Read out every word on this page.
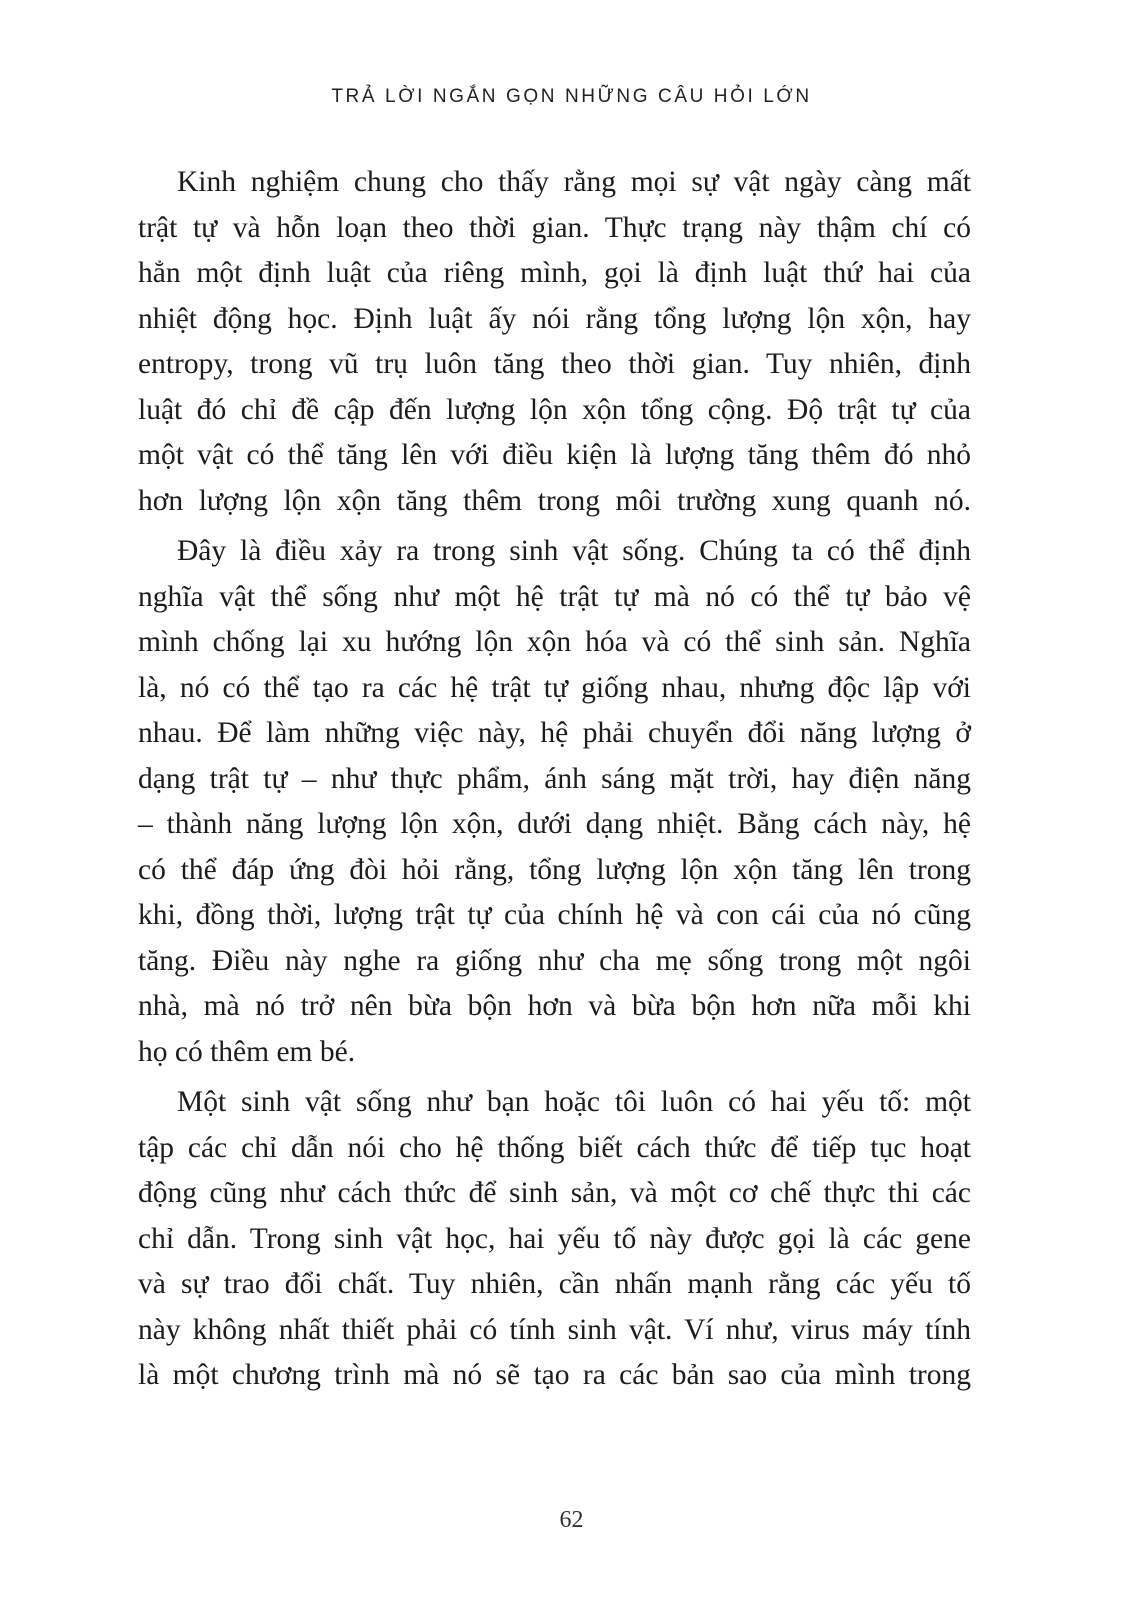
TRẢ LỜI NGẮN GỌN NHỮNG CÂU HỎI LỚN
Kinh nghiệm chung cho thấy rằng mọi sự vật ngày càng mất
trật tự và hỗn loạn theo thời gian. Thực trạng này thậm chí có
hẳn một định luật của riêng mình, gọi là định luật thứ hai của
nhiệt động học. Định luật ấy nói rằng tổng lượng lộn xộn, hay
entropy, trong vũ trụ luôn tăng theo thời gian. Tuy nhiên, định
luật đó chỉ đề cập đến lượng lộn xộn tổng cộng. Độ trật tự của
một vật có thể tăng lên với điều kiện là lượng tăng thêm đó nhỏ
hơn lượng lộn xộn tăng thêm trong môi trường xung quanh nó.
Đây là điều xảy ra trong sinh vật sống. Chúng ta có thể định
nghĩa vật thể sống như một hệ trật tự mà nó có thể tự bảo vệ
mình chống lại xu hướng lộn xộn hóa và có thể sinh sản. Nghĩa
là, nó có thể tạo ra các hệ trật tự giống nhau, nhưng độc lập với
nhau. Để làm những việc này, hệ phải chuyển đổi năng lượng ở
dạng trật tự – như thực phẩm, ánh sáng mặt trời, hay điện năng
– thành năng lượng lộn xộn, dưới dạng nhiệt. Bằng cách này, hệ
có thể đáp ứng đòi hỏi rằng, tổng lượng lộn xộn tăng lên trong
khi, đồng thời, lượng trật tự của chính hệ và con cái của nó cũng
tăng. Điều này nghe ra giống như cha mẹ sống trong một ngôi
nhà, mà nó trở nên bừa bộn hơn và bừa bộn hơn nữa mỗi khi
họ có thêm em bé.
Một sinh vật sống như bạn hoặc tôi luôn có hai yếu tố: một
tập các chỉ dẫn nói cho hệ thống biết cách thức để tiếp tục hoạt
động cũng như cách thức để sinh sản, và một cơ chế thực thi các
chỉ dẫn. Trong sinh vật học, hai yếu tố này được gọi là các gene
và sự trao đổi chất. Tuy nhiên, cần nhấn mạnh rằng các yếu tố
này không nhất thiết phải có tính sinh vật. Ví như, virus máy tính
là một chương trình mà nó sẽ tạo ra các bản sao của mình trong
62
